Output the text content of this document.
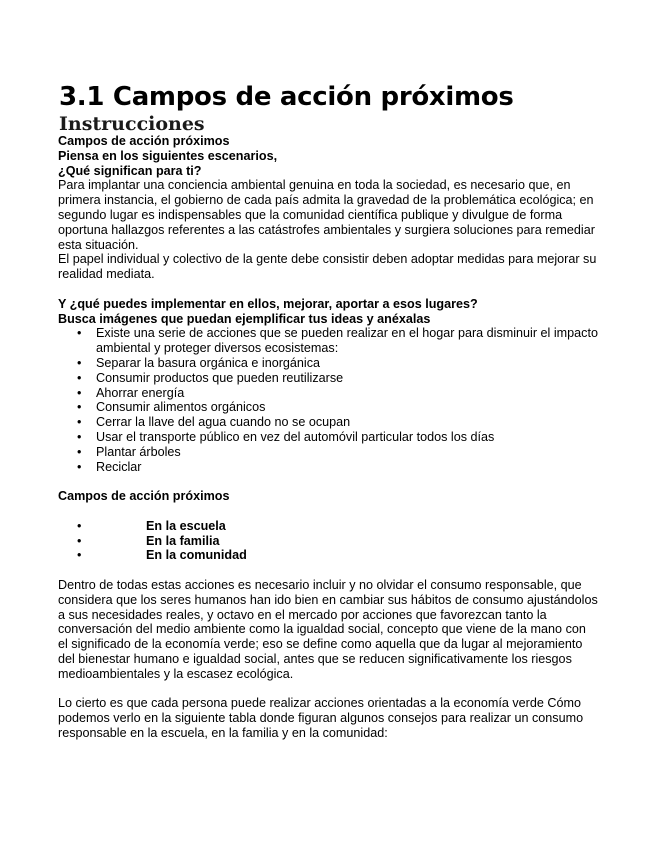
3.1 Campos de acción próximos
Instrucciones

Campos de acción próximos

Piensa en los siguientes escenarios,

¿Qué significan para ti?

Para implantar una conciencia ambiental genuina en toda la sociedad, es necesario que, en primera instancia, el gobierno de cada país admita la gravedad de la problemática ecológica; en segundo lugar es indispensables que la comunidad científica publique y divulgue de forma oportuna hallazgos referentes a las catástrofes ambientales y surgiera soluciones para remediar esta situación.

El papel individual y colectivo de la gente debe consistir deben adoptar medidas para mejorar su realidad mediata.

Y ¿qué puedes implementar en ellos, mejorar, aportar a esos lugares?

Busca imágenes que puedan ejemplificar tus ideas y anéxalas

• Existe una serie de acciones que se pueden realizar en el hogar para disminuir el impacto ambiental y proteger diversos ecosistemas:
• Separar la basura orgánica e inorgánica
• Consumir productos que pueden reutilizarse
• Ahorrar energía
• Consumir alimentos orgánicos
• Cerrar la llave del agua cuando no se ocupan
• Usar el transporte público en vez del automóvil particular todos los días
• Plantar árboles
• Reciclar

Campos de acción próximos

• En la escuela
• En la familia
• En la comunidad

Dentro de todas estas acciones es necesario incluir y no olvidar el consumo responsable, que considera que los seres humanos han ido bien en cambiar sus hábitos de consumo ajustándolos a sus necesidades reales, y octavo en el mercado por acciones que favorezcan tanto la conversación del medio ambiente como la igualdad social, concepto que viene de la mano con el significado de la economía verde; eso se define como aquella que da lugar al mejoramiento del bienestar humano e igualdad social, antes que se reducen significativamente los riesgos medioambientales y la escasez ecológica.

Lo cierto es que cada persona puede realizar acciones orientadas a la economía verde Cómo podemos verlo en la siguiente tabla donde figuran algunos consejos para realizar un consumo responsable en la escuela, en la familia y en la comunidad:
